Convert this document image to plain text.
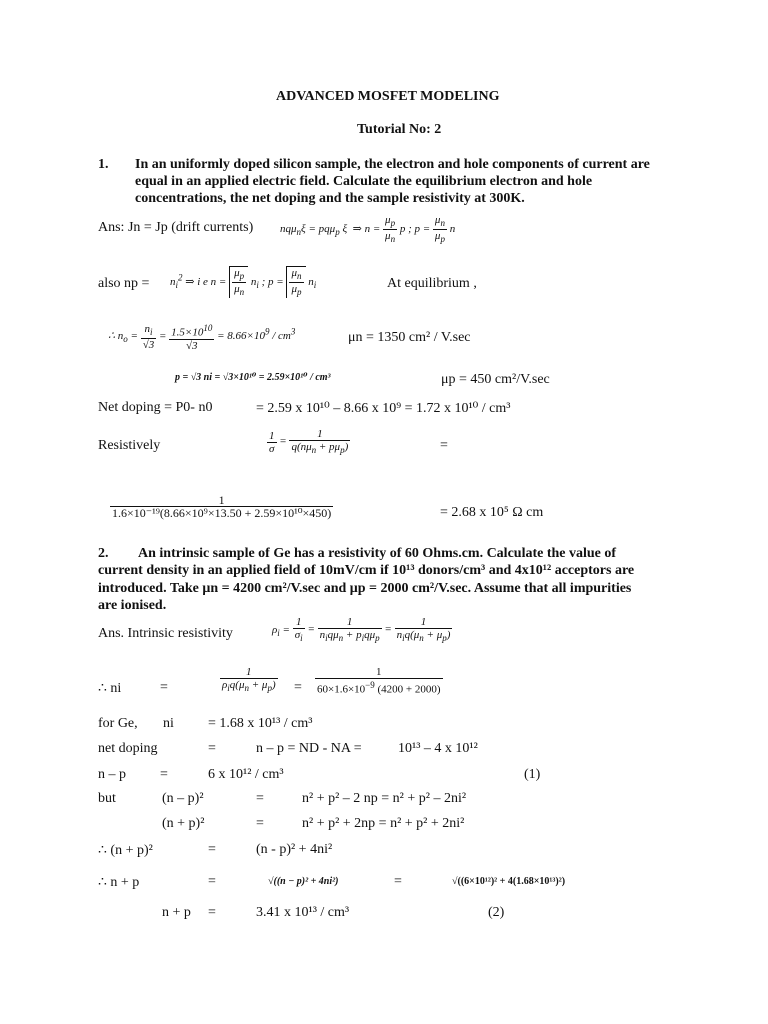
ADVANCED MOSFET MODELING
Tutorial No: 2
1. In an uniformly doped silicon sample, the electron and hole components of current are
equal in an applied electric field. Calculate the equilibrium electron and hole
concentrations, the net doping and the sample resistivity at 300K.
Ans: Jn = Jp (drift currents) nqμ$_n$ξ = pqμ$_p$ ξ  ⇒ $n = \frac{\mu_p}{\mu_n}$ p ; $p = \frac{\mu_n}{\mu_p}$ n
also np = $n_i^2$ ⇒ i e $n = \frac{\mu_p}{\mu_n} n_i$ ; $p = \frac{\mu_n}{\mu_p} n_i$	At equilibrium ,
∴ $n_o = \frac{n_i}{√3} = \frac{1.5\times 10^{10}}{√3} = 8.66\times 10^9 / cm^3$	μn = 1350 cm² / V.sec
p = √3 ni = √3×10¹⁰ = 2.59×10¹⁰ / cm³	μp = 450 cm²/V.sec
Net doping = P0- n0	= 2.59 x 10¹⁰ – 8.66 x 10⁹ = 1.72 x 10¹⁰ / cm³
Resistively	$\frac{1}{\sigma} = \frac{1}{q(n\mu_n + p\mu_p)}$	=
$\frac{1}{\text{1.6×10⁻¹⁹(8.66×10⁹×13.50 + 2.59×10¹⁰×450)}}$	= 2.68 x 10⁵ Ω cm
2. An intrinsic sample of Ge has a resistivity of 60 Ohms.cm. Calculate the value of
current density in an applied field of 10mV/cm if 10¹³ donors/cm³ and 4x10¹² acceptors are
introduced. Take μn = 4200 cm²/V.sec and μp = 2000 cm²/V.sec. Assume that all impurities
are ionised.
Ans. Intrinsic resistivity	$\rho_i = \frac{1}{\sigma_i} = \frac{1}{n_iq\mu_n + p_iq\mu_p} = \frac{1}{n_iq(\mu_n + \mu_p)}$
∴ ni	=	$\frac{1}{\rho_iq(\mu_n + \mu_p)} = \frac{1}{60\times 1.6\times 10^{-9} (4200 + 2000)}$
for Ge, ni = 1.68 x 10¹³ / cm³
net doping	=	n – p = ND - NA =	10¹³ – 4 x 10¹²
n – p =	6 x 10¹² / cm³	(1)
but	(n – p)²	=	n² + p² – 2 np = n² + p² – 2ni²
(n + p)²	=	n² + p² + 2np = n² + p² + 2ni²
∴ (n + p)²	=	(n - p)² + 4ni²
∴ n + p	=	√((n − p)² + 4ni²)	=	√((6×10¹²)² + 4(1.68×10¹³)²)
n + p =	3.41 x 10¹³ / cm³	(2)
